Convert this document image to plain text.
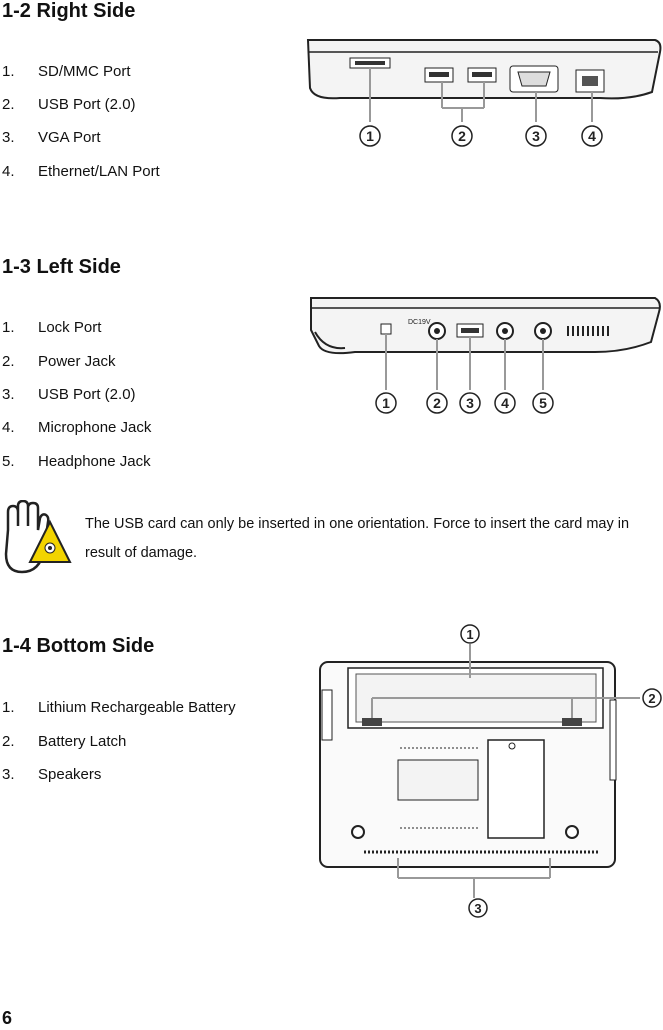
1-2 Right Side
1. SD/MMC Port
2. USB Port (2.0)
3. VGA Port
4. Ethernet/LAN Port
1	2	3	4
1-3 Left Side
1. Lock Port
2. Power Jack
3. USB Port (2.0)
4. Microphone Jack
5. Headphone Jack
DC19V
1	2 3 4 5
The USB card can only be inserted in one orientation. Force to insert the card may in result of damage.
1-4 Bottom Side
1. Lithium Rechargeable Battery
2. Battery Latch
3. Speakers
1
2
3
6
